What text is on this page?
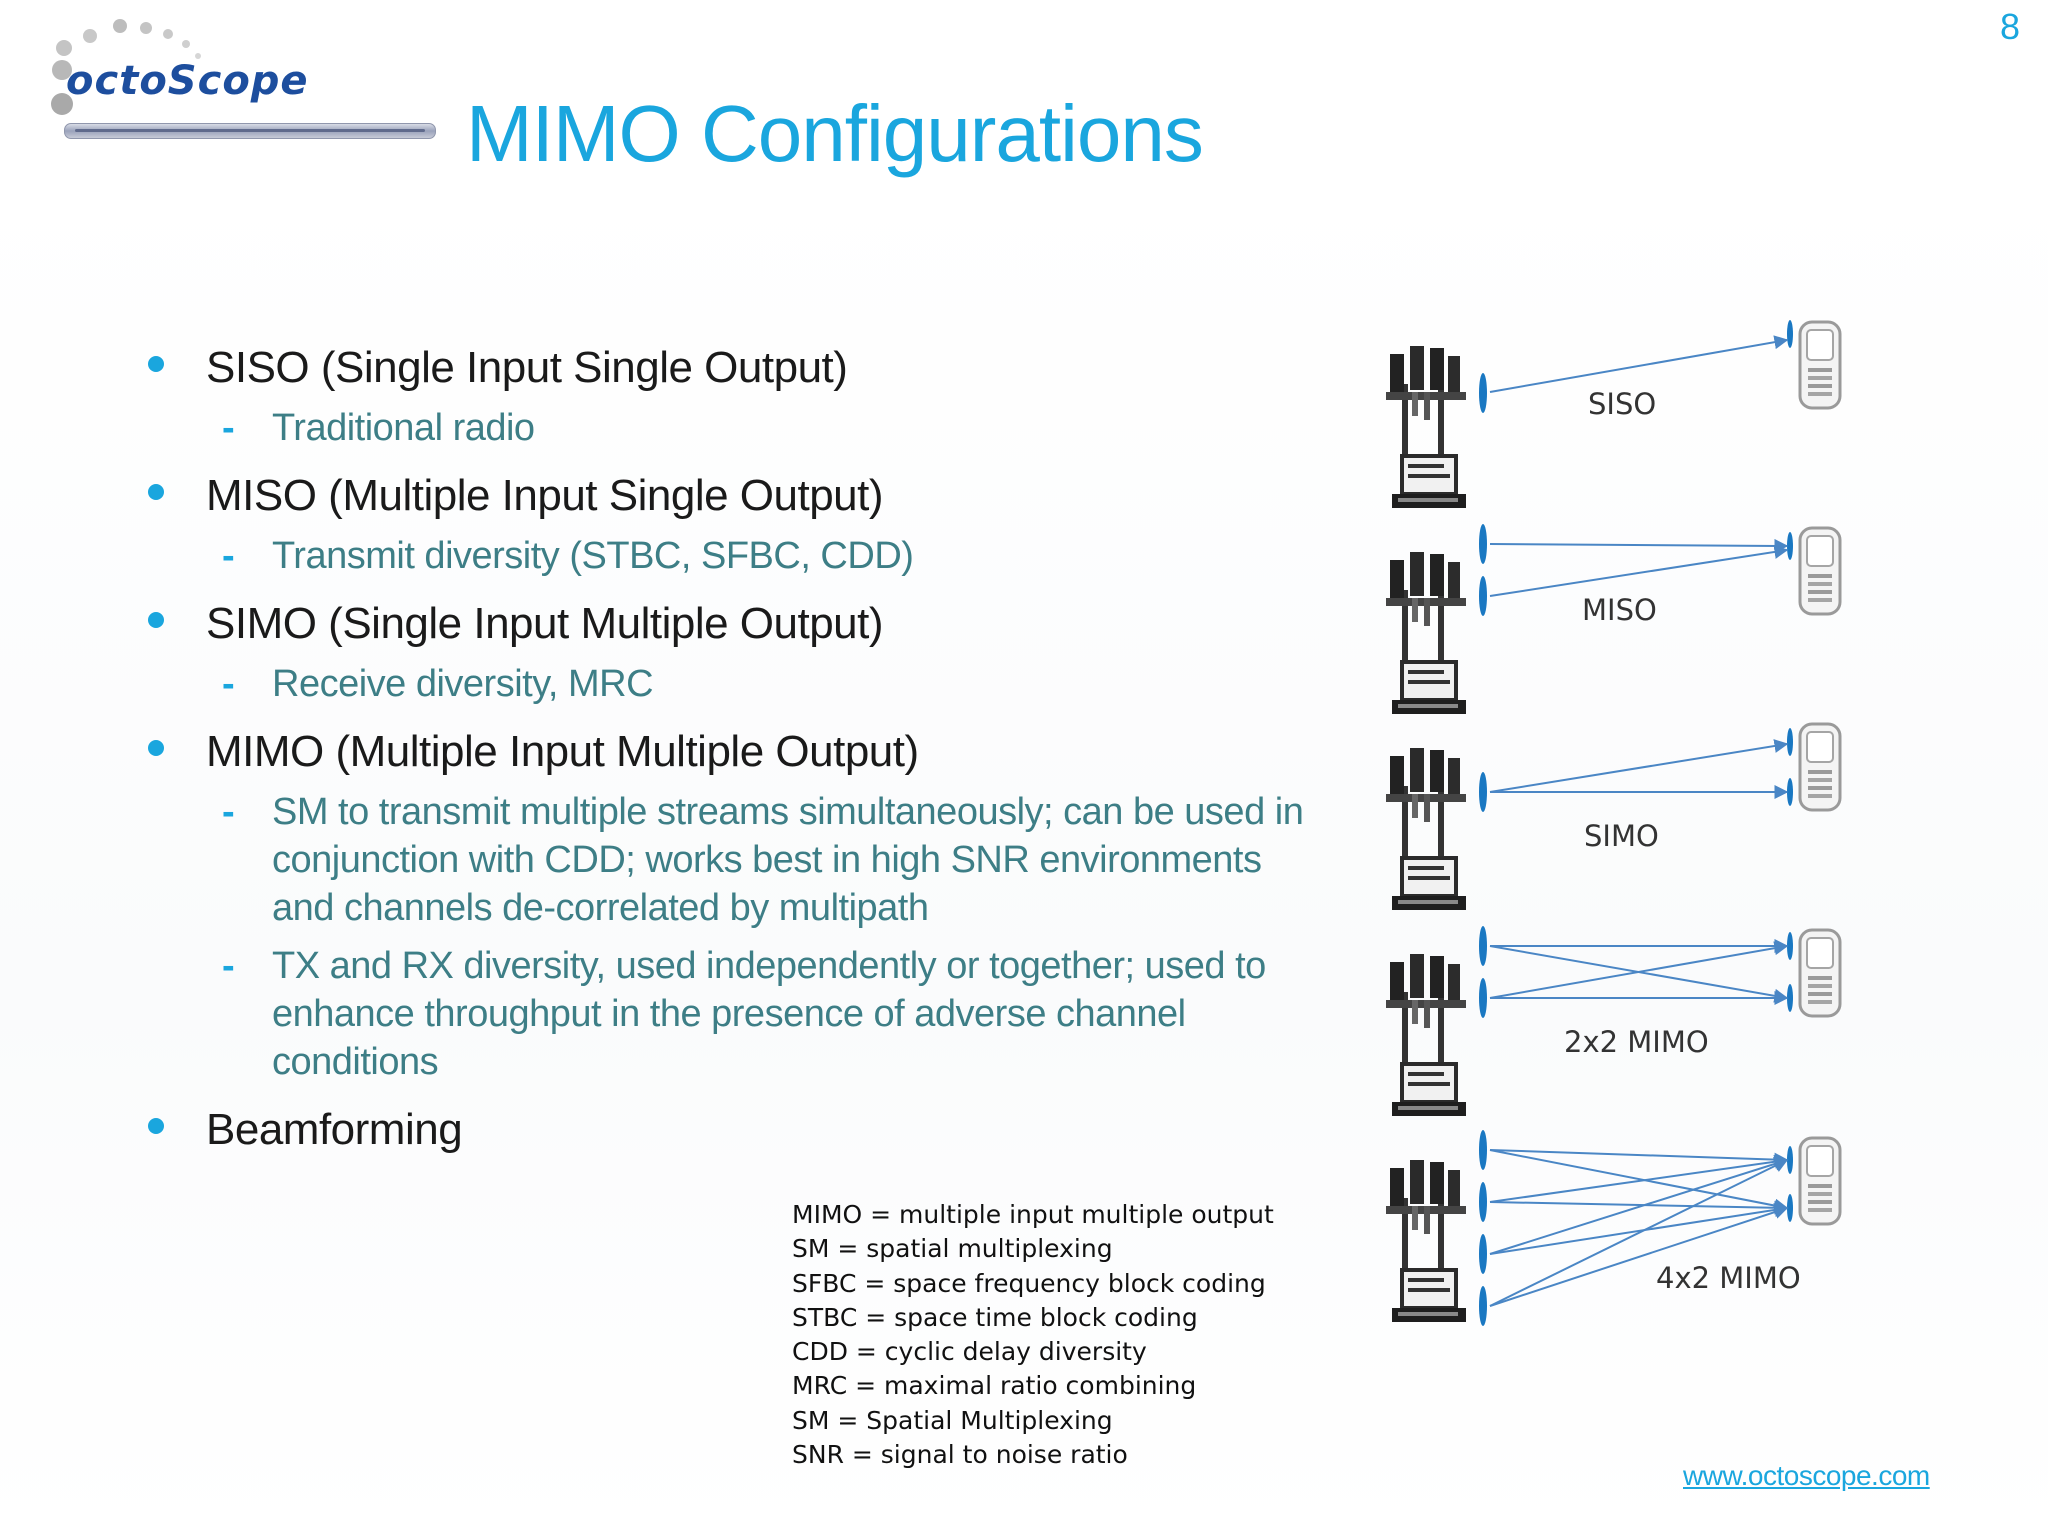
octoScope
8
MIMO Configurations
SISO (Single Input Single Output)
- Traditional radio
MISO (Multiple Input Single Output)
- Transmit diversity (STBC, SFBC, CDD)
SIMO (Single Input Multiple Output)
- Receive diversity, MRC
MIMO (Multiple Input Multiple Output)
- SM to transmit multiple streams simultaneously; can be used in conjunction with CDD; works best in high SNR environments and channels de-correlated by multipath
- TX and RX diversity, used independently or together; used to enhance throughput in the presence of adverse channel conditions
Beamforming
SISO
MISO
SIMO
2x2 MIMO
4x2 MIMO
MIMO = multiple input multiple output
SM = spatial multiplexing
SFBC = space frequency block coding
STBC = space time block coding
CDD = cyclic delay diversity
MRC = maximal ratio combining
SM = Spatial Multiplexing
SNR = signal to noise ratio
www.octoscope.com
